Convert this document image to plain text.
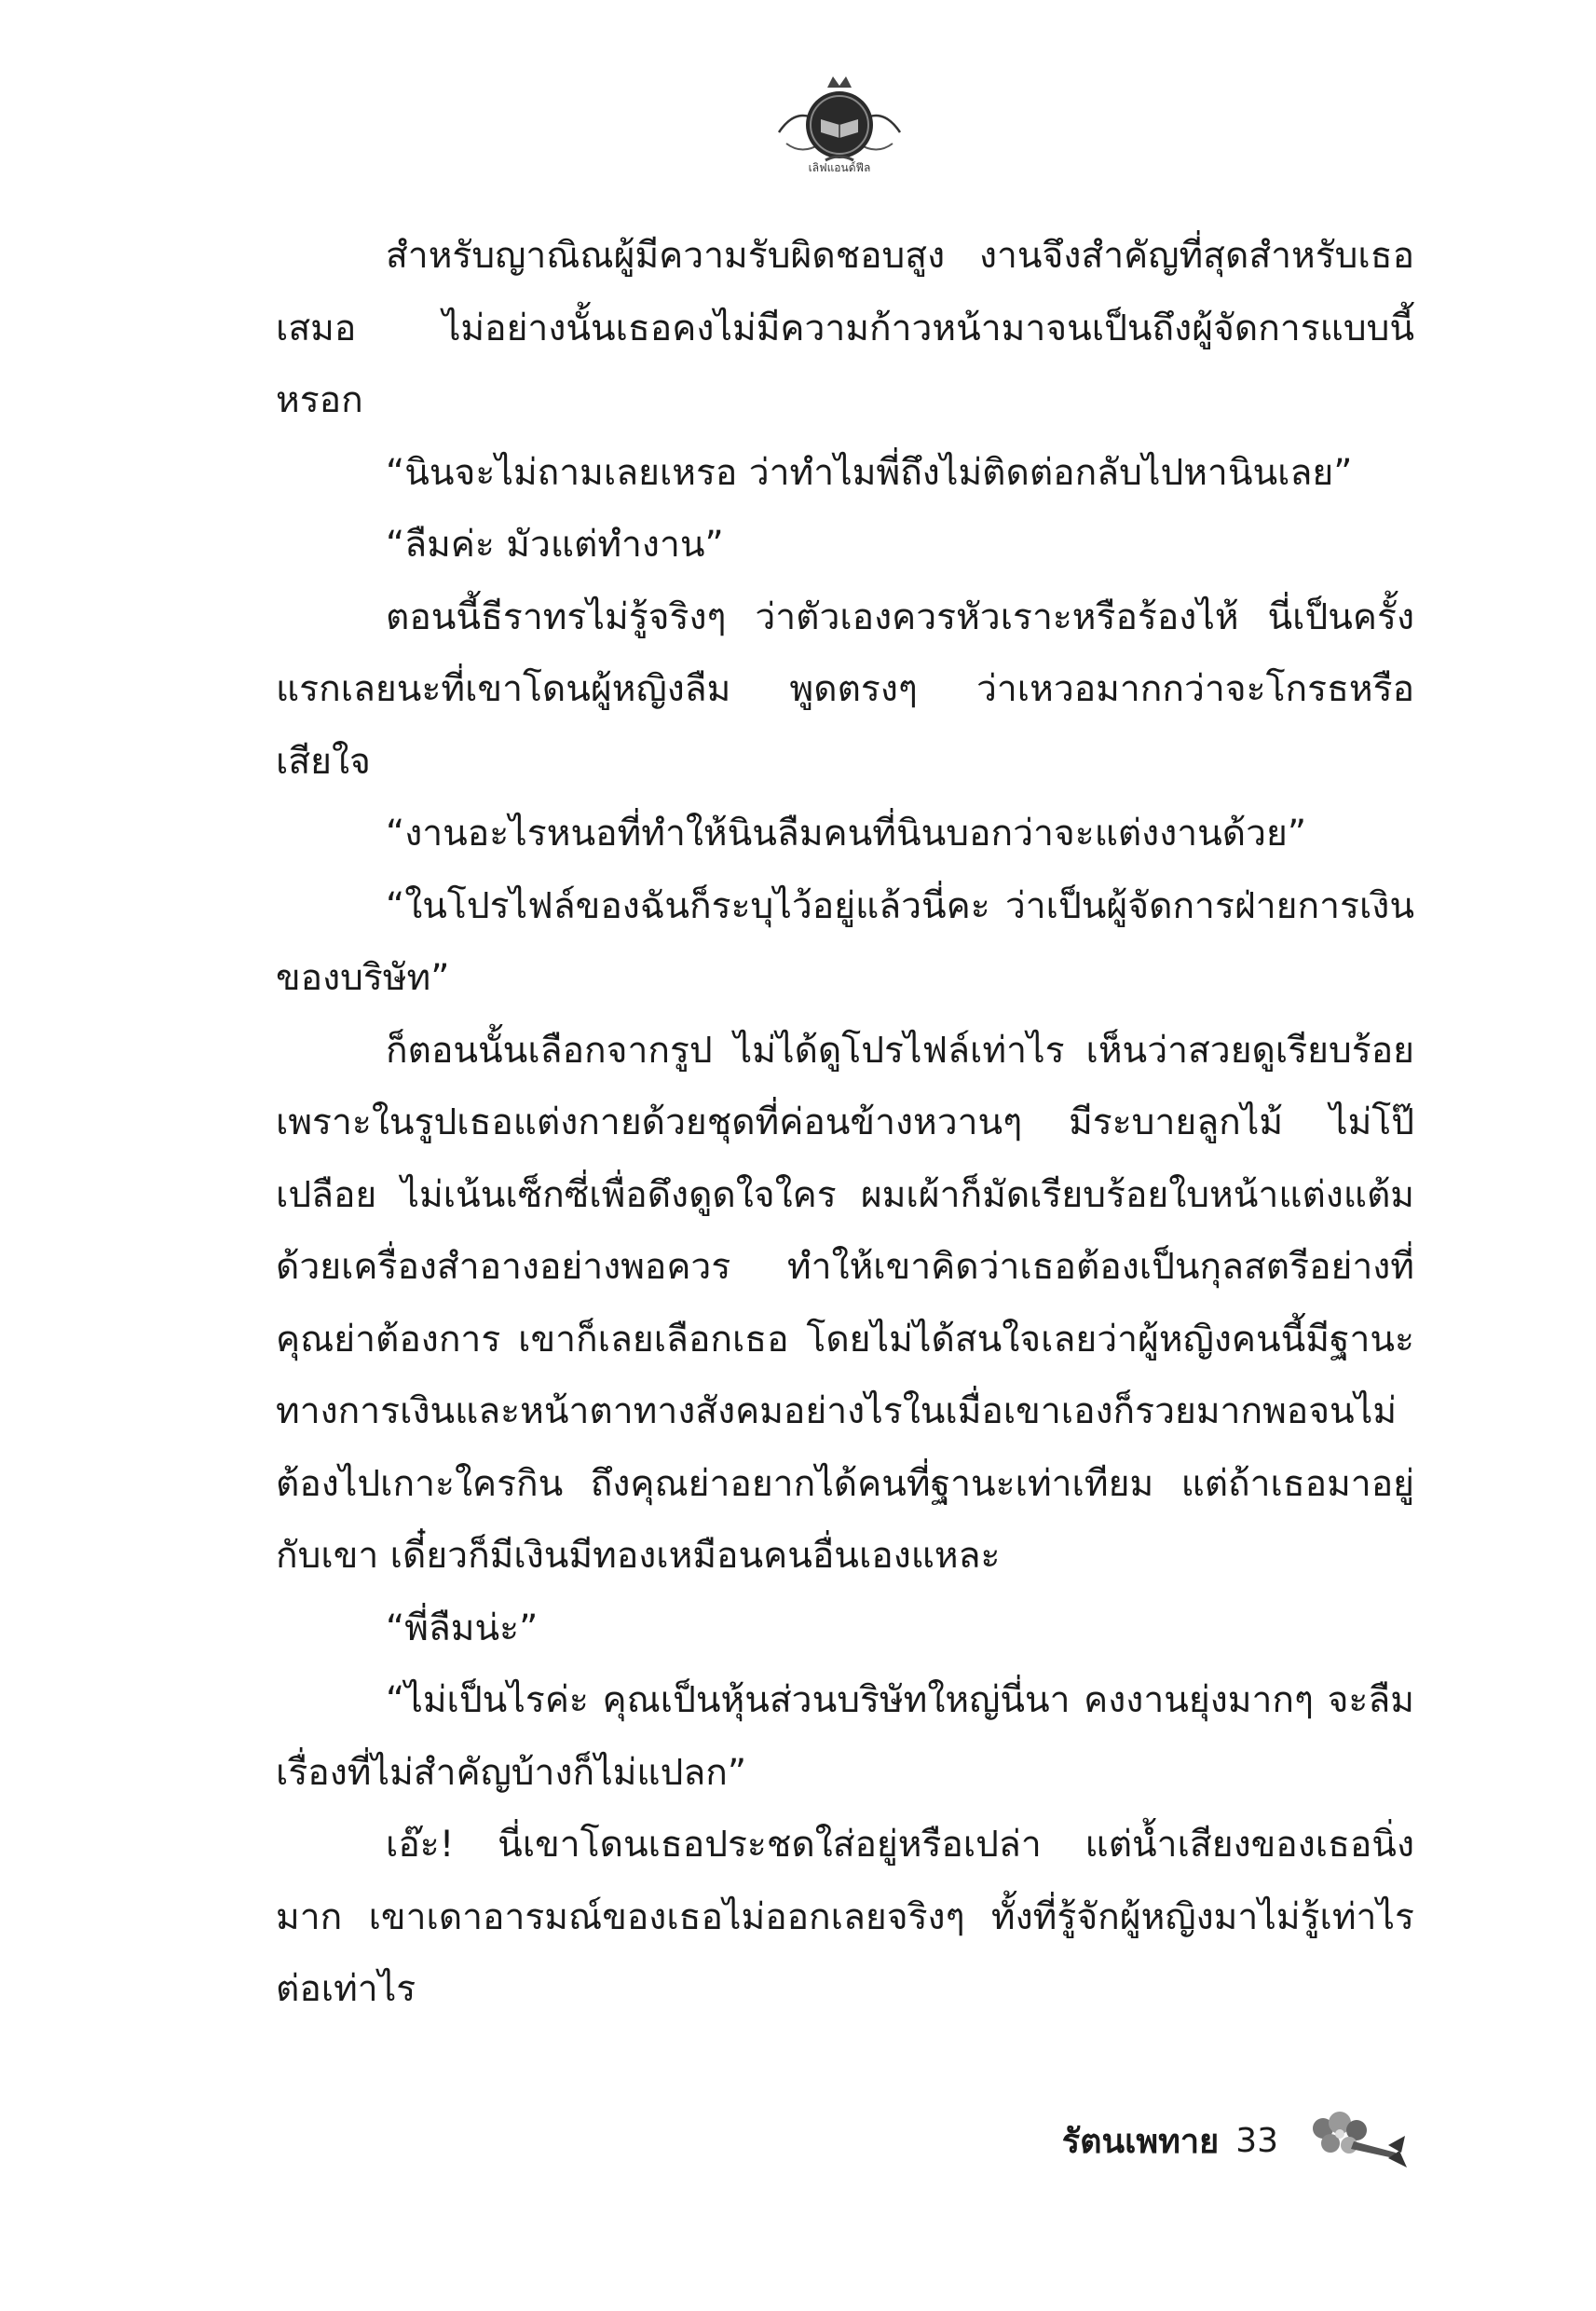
เลิฟแอนด์ฟีล

สำหรับญาณิณผู้มีความรับผิดชอบสูง งานจึงสำคัญที่สุดสำหรับเธอเสมอ ไม่อย่างนั้นเธอคงไม่มีความก้าวหน้ามาจนเป็นถึงผู้จัดการแบบนี้หรอก

“นินจะไม่ถามเลยเหรอ ว่าทำไมพี่ถึงไม่ติดต่อกลับไปหานินเลย”

“ลืมค่ะ มัวแต่ทำงาน”

ตอนนี้ธีราทรไม่รู้จริงๆ ว่าตัวเองควรหัวเราะหรือร้องไห้ นี่เป็นครั้งแรกเลยนะที่เขาโดนผู้หญิงลืม พูดตรงๆ ว่าเหวอมากกว่าจะโกรธหรือเสียใจ

“งานอะไรหนอที่ทำให้นินลืมคนที่นินบอกว่าจะแต่งงานด้วย”

“ในโปรไฟล์ของฉันก็ระบุไว้อยู่แล้วนี่คะ ว่าเป็นผู้จัดการฝ่ายการเงินของบริษัท”

ก็ตอนนั้นเลือกจากรูป ไม่ได้ดูโปรไฟล์เท่าไร เห็นว่าสวยดูเรียบร้อย เพราะในรูปเธอแต่งกายด้วยชุดที่ค่อนข้างหวานๆ มีระบายลูกไม้ ไม่โป๊เปลือย ไม่เน้นเซ็กซี่เพื่อดึงดูดใจใคร ผมเผ้าก็มัดเรียบร้อยใบหน้าแต่งแต้มด้วยเครื่องสำอางอย่างพอควร ทำให้เขาคิดว่าเธอต้องเป็นกุลสตรีอย่างที่คุณย่าต้องการ เขาก็เลยเลือกเธอ โดยไม่ได้สนใจเลยว่าผู้หญิงคนนี้มีฐานะทางการเงินและหน้าตาทางสังคมอย่างไรในเมื่อเขาเองก็รวยมากพอจนไม่ต้องไปเกาะใครกิน ถึงคุณย่าอยากได้คนที่ฐานะเท่าเทียม แต่ถ้าเธอมาอยู่กับเขา เดี๋ยวก็มีเงินมีทองเหมือนคนอื่นเองแหละ

“พี่ลืมน่ะ”

“ไม่เป็นไรค่ะ คุณเป็นหุ้นส่วนบริษัทใหญ่นี่นา คงงานยุ่งมากๆ จะลืมเรื่องที่ไม่สำคัญบ้างก็ไม่แปลก”

เอ๊ะ! นี่เขาโดนเธอประชดใส่อยู่หรือเปล่า แต่น้ำเสียงของเธอนิ่งมาก เขาเดาอารมณ์ของเธอไม่ออกเลยจริงๆ ทั้งที่รู้จักผู้หญิงมาไม่รู้เท่าไรต่อเท่าไร

รัตนเพทาย 33
